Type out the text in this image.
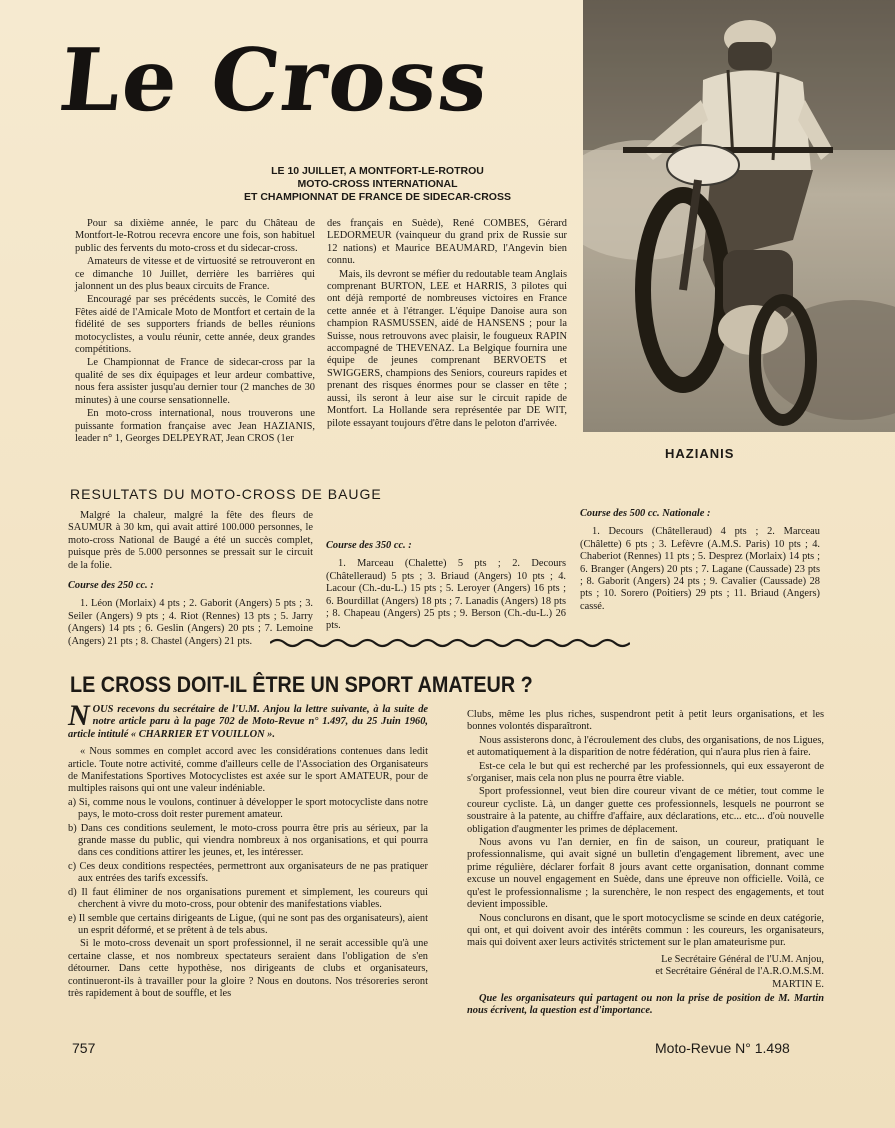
Le Cross
HAZIANIS
LE 10 JUILLET, A MONTFORT-LE-ROTROU
MOTO-CROSS INTERNATIONAL
ET CHAMPIONNAT DE FRANCE DE SIDECAR-CROSS

Pour sa dixième année, le parc du Château de Montfort-le-Rotrou recevra encore une fois, son habituel public des fervents du moto-cross et du sidecar-cross.

Amateurs de vitesse et de virtuosité se retrouveront en ce dimanche 10 Juillet, derrière les barrières qui jalonnent un des plus beaux circuits de France.

Encouragé par ses précédents succès, le Comité des Fêtes aidé de l'Amicale Moto de Montfort et certain de la fidélité de ses supporters friands de belles réunions motocyclistes, a voulu réunir, cette année, deux grandes compétitions.

Le Championnat de France de sidecar-cross par la qualité de ses dix équipages et leur ardeur combattive, nous fera assister jusqu'au dernier tour (2 manches de 30 minutes) à une course sensationnelle.

En moto-cross international, nous trouverons une puissante formation française avec Jean HAZIANIS, leader n° 1, Georges DELPEYRAT, Jean CROS (1er

des français en Suède), René COMBES, Gérard LEDORMEUR (vainqueur du grand prix de Russie sur 12 nations) et Maurice BEAUMARD, l'Angevin bien connu.

Mais, ils devront se méfier du redoutable team Anglais comprenant BURTON, LEE et HARRIS, 3 pilotes qui ont déjà remporté de nombreuses victoires en France cette année et à l'étranger. L'équipe Danoise aura son champion RASMUSSEN, aidé de HANSENS ; pour la Suisse, nous retrouvons avec plaisir, le fougueux RAPIN accompagné de THEVENAZ. La Belgique fournira une équipe de jeunes comprenant BERVOETS et SWIGGERS, champions des Seniors, coureurs rapides et prenant des risques énormes pour se classer en tête ; aussi, ils seront à leur aise sur le circuit rapide de Montfort. La Hollande sera représentée par DE WIT, pilote essayant toujours d'être dans le peloton d'arrivée.

RESULTATS DU MOTO-CROSS DE BAUGE

Malgré la chaleur, malgré la fête des fleurs de SAUMUR à 30 km, qui avait attiré 100.000 personnes, le moto-cross National de Baugé a été un succès complet, puisque près de 5.000 personnes se pressait sur le circuit de la folie.

Course des 250 cc. :

1. Léon (Morlaix) 4 pts ; 2. Gaborit (Angers) 5 pts ; 3. Seiler (Angers) 9 pts ; 4. Riot (Rennes) 13 pts ; 5. Jarry (Angers) 14 pts ; 6. Geslin (Angers) 20 pts ; 7. Lemoine (Angers) 21 pts ; 8. Chastel (Angers) 21 pts.

Course des 350 cc. :

1. Marceau (Chalette) 5 pts ; 2. Decours (Châtelleraud) 5 pts ; 3. Briaud (Angers) 10 pts ; 4. Lacour (Ch.-du-L.) 15 pts ; 5. Leroyer (Angers) 16 pts ; 6. Bourdillat (Angers) 18 pts ; 7. Lanadis (Angers) 18 pts ; 8. Chapeau (Angers) 25 pts ; 9. Berson (Ch.-du-L.) 26 pts.

Course des 500 cc. Nationale :

1. Decours (Châtelleraud) 4 pts ; 2. Marceau (Châlette) 6 pts ; 3. Lefèvre (A.M.S. Paris) 10 pts ; 4. Chaberiot (Rennes) 11 pts ; 5. Desprez (Morlaix) 14 pts ; 6. Branger (Angers) 20 pts ; 7. Lagane (Caussade) 23 pts ; 8. Gaborit (Angers) 24 pts ; 9. Cavalier (Caussade) 28 pts ; 10. Sorero (Poitiers) 29 pts ; 11. Briaud (Angers) cassé.

LE CROSS DOIT-IL ÊTRE UN SPORT AMATEUR ?

NOUS recevons du secrétaire de l'U.M. Anjou la lettre suivante, à la suite de notre article paru à la page 702 de Moto-Revue n° 1.497, du 25 Juin 1960, article intitulé « CHARRIER ET VOUILLON ».

« Nous sommes en complet accord avec les considérations contenues dans ledit article. Toute notre activité, comme d'ailleurs celle de l'Association des Organisateurs de Manifestations Sportives Motocyclistes est axée sur le sport AMATEUR, pour de multiples raisons qui ont une valeur indéniable.

a) Si, comme nous le voulons, continuer à développer le sport motocycliste dans notre pays, le moto-cross doit rester purement amateur.

b) Dans ces conditions seulement, le moto-cross pourra être pris au sérieux, par la grande masse du public, qui viendra nombreux à nos organisations, et qui pourra dans ces conditions attirer les jeunes, et, les intéresser.

c) Ces deux conditions respectées, permettront aux organisateurs de ne pas pratiquer aux entrées des tarifs excessifs.

d) Il faut éliminer de nos organisations purement et simplement, les coureurs qui cherchent à vivre du moto-cross, pour obtenir des manifestations viables.

e) Il semble que certains dirigeants de Ligue, (qui ne sont pas des organisateurs), aient un esprit déformé, et se prêtent à de tels abus.

Si le moto-cross devenait un sport professionnel, il ne serait accessible qu'à une certaine classe, et nos nombreux spectateurs seraient dans l'obligation de s'en détourner. Dans cette hypothèse, nos dirigeants de clubs et organisateurs, continueront-ils à travailler pour la gloire ? Nous en doutons. Nos trésoreries seront très rapidement à bout de souffle, et les

Clubs, même les plus riches, suspendront petit à petit leurs organisations, et les bonnes volontés disparaîtront.

Nous assisterons donc, à l'écroulement des clubs, des organisations, de nos Ligues, et automatiquement à la disparition de notre fédération, qui n'aura plus rien à faire.

Est-ce cela le but qui est recherché par les professionnels, qui eux essayeront de s'organiser, mais cela non plus ne pourra être viable.

Sport professionnel, veut bien dire coureur vivant de ce métier, tout comme le coureur cycliste. Là, un danger guette ces professionnels, lesquels ne pourront se soustraire à la patente, au chiffre d'affaire, aux déclarations, etc... etc... d'où nouvelle obligation d'augmenter les primes de déplacement.

Nous avons vu l'an dernier, en fin de saison, un coureur, pratiquant le professionnalisme, qui avait signé un bulletin d'engagement librement, avec une prime régulière, déclarer forfait 8 jours avant cette organisation, donnant comme excuse un nouvel engagement en Suède, dans une épreuve non officielle. Voilà, ce qu'est le professionnalisme ; la surenchère, le non respect des engagements, et tout devient impossible.

Nous conclurons en disant, que le sport motocyclisme se scinde en deux catégorie, qui ont, et qui doivent avoir des intérêts commun : les coureurs, les organisateurs, mais qui doivent axer leurs activités strictement sur le plan amateurisme pur.

Le Secrétaire Général de l'U.M. Anjou,
et Secrétaire Général de l'A.R.O.M.S.M.
MARTIN E.

Que les organisateurs qui partagent ou non la prise de position de M. Martin nous écrivent, la question est d'importance.

757	Moto-Revue N° 1.498
